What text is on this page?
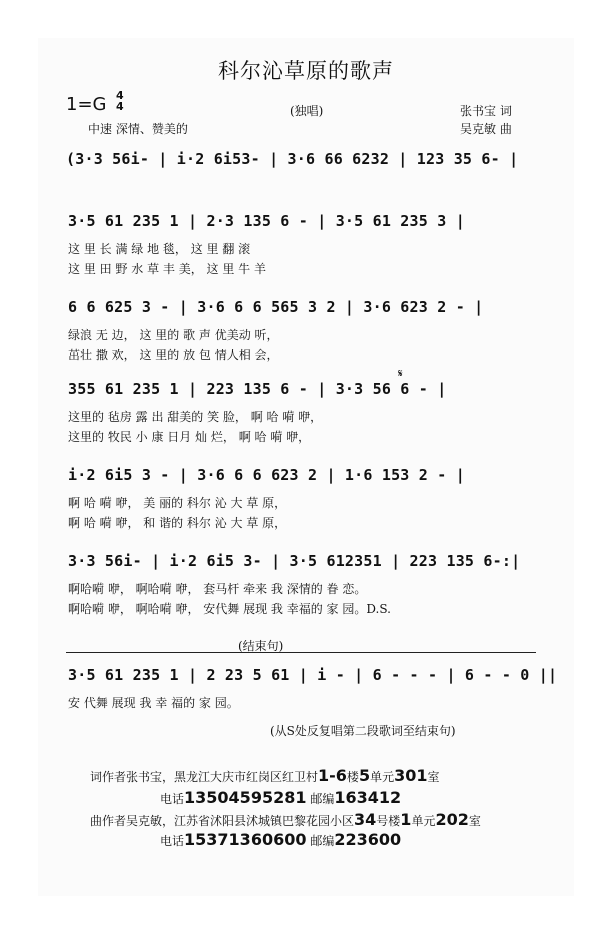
科尔沁草原的歌声
1=G 4
4
中速 深情、赞美的
(独唱)	张书宝 词
吴克敏 曲
(3·3 56i- | i·2 6i53- | 3·6 66 6232 | 123 35 6- |
3·5 61 235 1 | 2·3 135 6 - | 3·5 61 235 3 |
这 里 长 满 绿 地 毯， 这 里 翻 滚
这 里 田 野 水 草 丰 美， 这 里 牛 羊
6 6 625 3 - | 3·6 6 6 565 3 2 | 3·6 623 2 - |
绿浪 无 边， 这 里的 歌 声 优美动 听，
茁壮 撒 欢， 这 里的 放 包 情人相 会，
𝄋
355 61 235 1 | 223 135 6 - | 3·3 56 6 - |
这里的 毡房 露 出 甜美的 笑 脸， 啊 哈 嗬 咿，
这里的 牧民 小 康 日月 灿 烂， 啊 哈 嗬 咿，
i·2 6i5 3 - | 3·6 6 6 623 2 | 1·6 153 2 - |
啊 哈 嗬 咿， 美 丽的 科尔 沁 大 草 原，
啊 哈 嗬 咿， 和 谐的 科尔 沁 大 草 原，
3·3 56i- | i·2 6i5 3- | 3·5 612351 | 223 135 6-:|
啊哈嗬 咿， 啊哈嗬 咿， 套马杆 牵来 我 深情的 眷 恋。
啊哈嗬 咿， 啊哈嗬 咿， 安代舞 展现 我 幸福的 家 园。D.S.
(结束句)
3·5 61 235 1 | 2 23 5 61 | i - | 6 - - - | 6 - - 0 ||
安 代舞 展现 我 幸 福的 家 园。
(从S处反复唱第二段歌词至结束句)
词作者张书宝，黑龙江大庆市红岗区红卫村1-6楼5单元301室
电话13504595281 邮编163412
曲作者吴克敏，江苏省沭阳县沭城镇巴黎花园小区34号楼1单元202室
电话15371360600 邮编223600
